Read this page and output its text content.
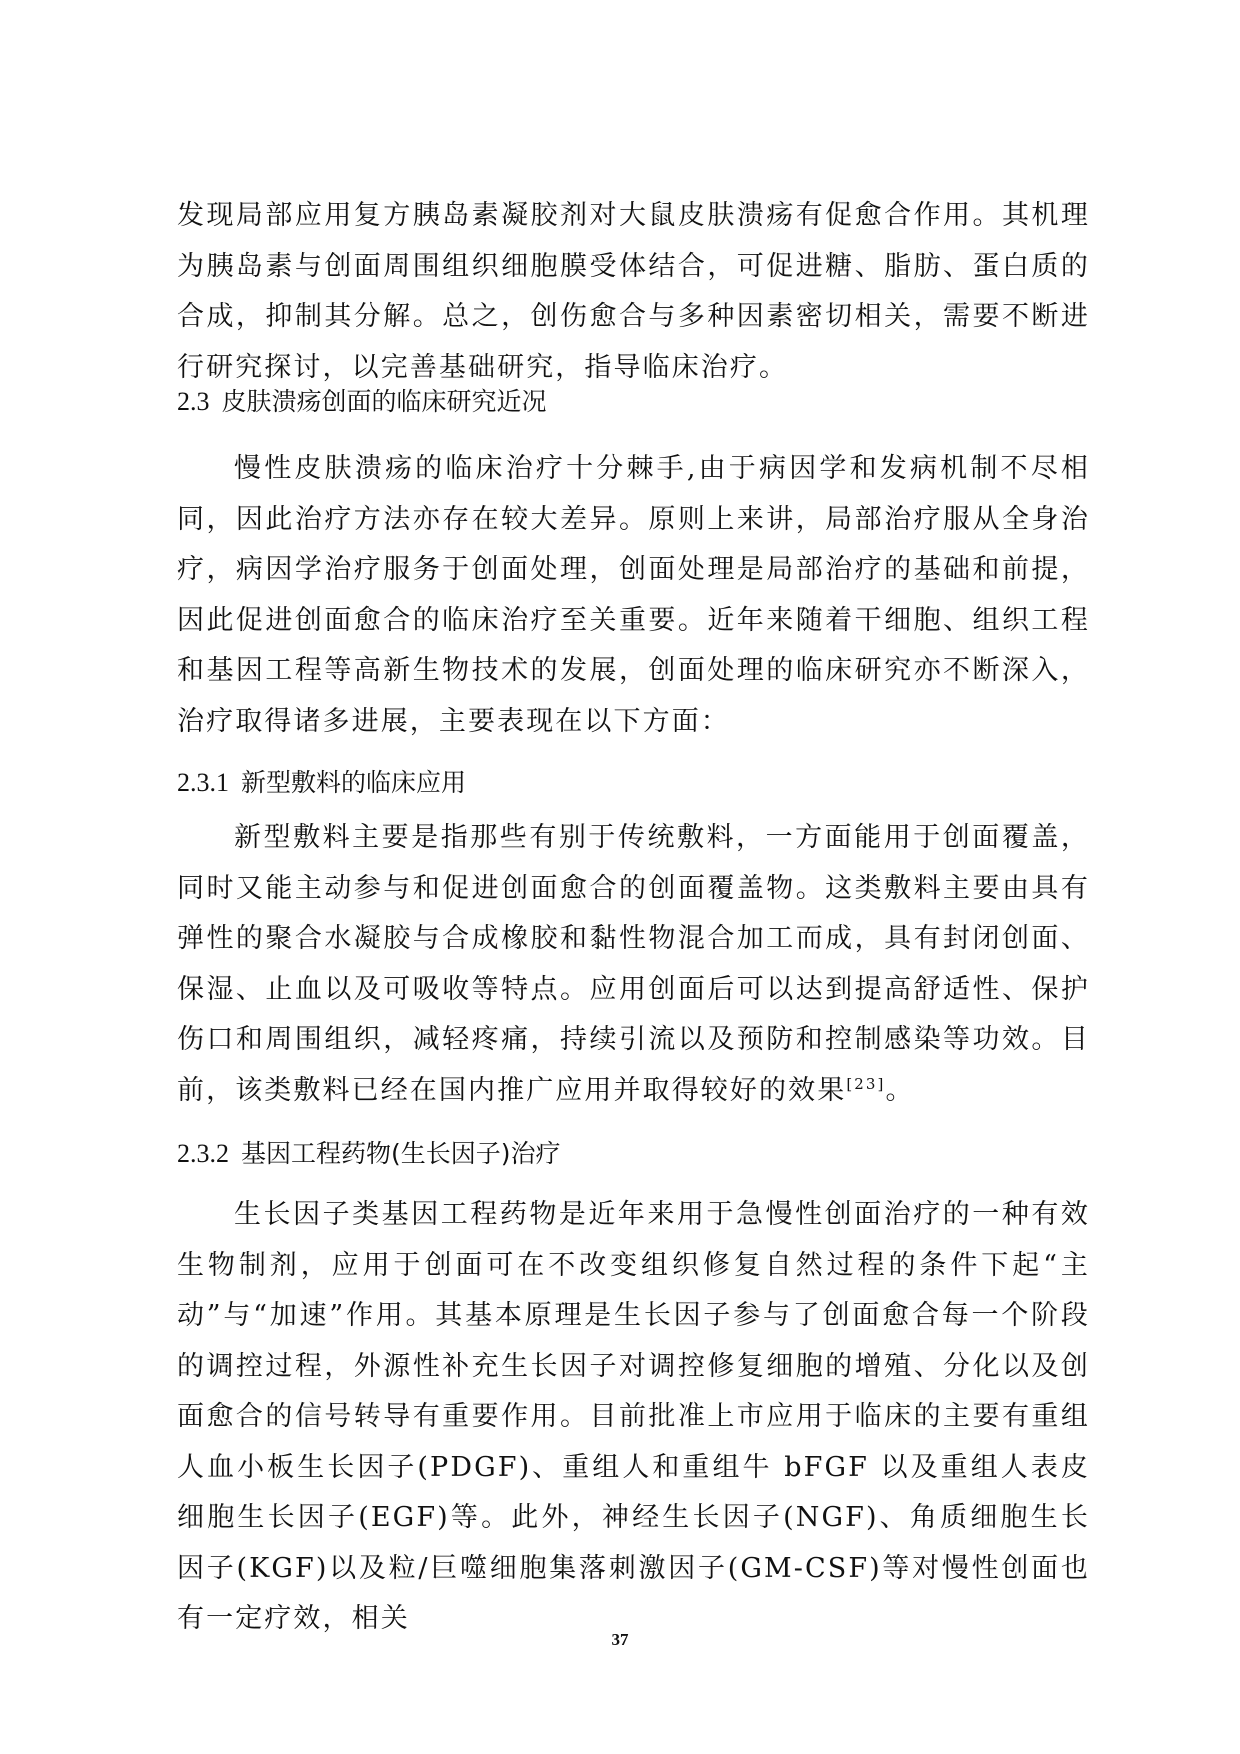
发现局部应用复方胰岛素凝胶剂对大鼠皮肤溃疡有促愈合作用。其机理为胰岛素与创面周围组织细胞膜受体结合，可促进糖、脂肪、蛋白质的合成，抑制其分解。总之，创伤愈合与多种因素密切相关，需要不断进行研究探讨，以完善基础研究，指导临床治疗。

2.3 皮肤溃疡创面的临床研究近况

慢性皮肤溃疡的临床治疗十分棘手,由于病因学和发病机制不尽相同，因此治疗方法亦存在较大差异。原则上来讲，局部治疗服从全身治疗，病因学治疗服务于创面处理，创面处理是局部治疗的基础和前提，因此促进创面愈合的临床治疗至关重要。近年来随着干细胞、组织工程和基因工程等高新生物技术的发展，创面处理的临床研究亦不断深入，治疗取得诸多进展，主要表现在以下方面：

2.3.1 新型敷料的临床应用

新型敷料主要是指那些有别于传统敷料，一方面能用于创面覆盖，同时又能主动参与和促进创面愈合的创面覆盖物。这类敷料主要由具有弹性的聚合水凝胶与合成橡胶和黏性物混合加工而成，具有封闭创面、保湿、止血以及可吸收等特点。应用创面后可以达到提高舒适性、保护伤口和周围组织，减轻疼痛，持续引流以及预防和控制感染等功效。目前，该类敷料已经在国内推广应用并取得较好的效果[23]。

2.3.2 基因工程药物(生长因子)治疗

生长因子类基因工程药物是近年来用于急慢性创面治疗的一种有效生物制剂，应用于创面可在不改变组织修复自然过程的条件下起“主动”与“加速”作用。其基本原理是生长因子参与了创面愈合每一个阶段的调控过程，外源性补充生长因子对调控修复细胞的增殖、分化以及创面愈合的信号转导有重要作用。目前批准上市应用于临床的主要有重组人血小板生长因子(PDGF)、重组人和重组牛 bFGF 以及重组人表皮细胞生长因子(EGF)等。此外，神经生长因子(NGF)、角质细胞生长因子(KGF)以及粒/巨噬细胞集落刺激因子(GM-CSF)等对慢性创面也有一定疗效，相关

37
